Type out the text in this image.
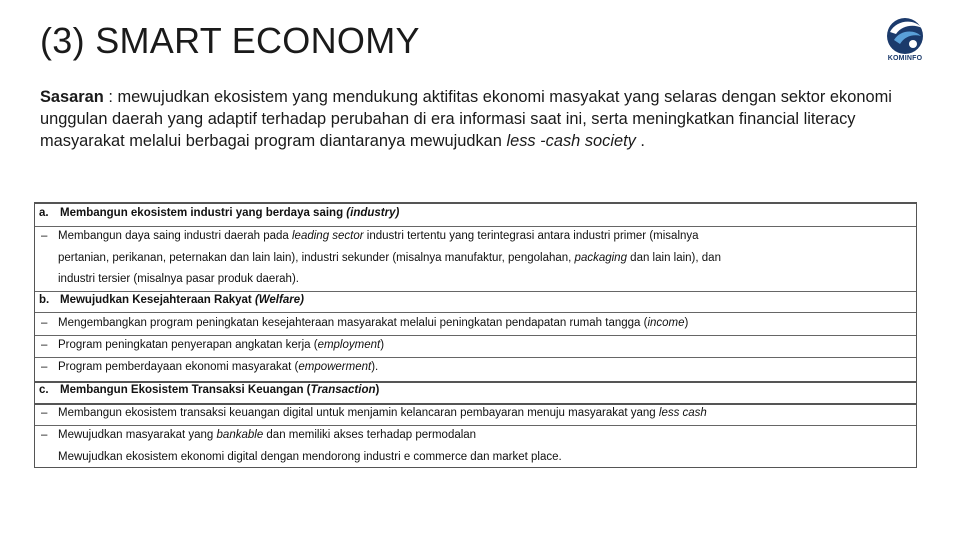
(3) SMART ECONOMY	KOMINFO
Sasaran : mewujudkan ekosistem yang mendukung aktifitas ekonomi masyakat yang selaras dengan sektor ekonomi unggulan daerah yang adaptif terhadap perubahan di era informasi saat ini, serta meningkatkan financial literacy masyarakat melalui berbagai program diantaranya mewujudkan less -cash society .
a. Membangun ekosistem industri yang berdaya saing (industry)
– Membangun daya saing industri daerah pada leading sector industri tertentu yang terintegrasi antara industri primer (misalnya
pertanian, perikanan, peternakan dan lain lain), industri sekunder (misalnya manufaktur, pengolahan, packaging dan lain lain), dan
industri tersier (misalnya pasar produk daerah).
b. Mewujudkan Kesejahteraan Rakyat (Welfare)
– Mengembangkan program peningkatan kesejahteraan masyarakat melalui peningkatan pendapatan rumah tangga (income)
– Program peningkatan penyerapan angkatan kerja (employment)
– Program pemberdayaan ekonomi masyarakat (empowerment).
c. Membangun Ekosistem Transaksi Keuangan (Transaction)
– Membangun ekosistem transaksi keuangan digital untuk menjamin kelancaran pembayaran menuju masyarakat yang less cash
– Mewujudkan masyarakat yang bankable dan memiliki akses terhadap permodalan
Mewujudkan ekosistem ekonomi digital dengan mendorong industri e commerce dan market place.
